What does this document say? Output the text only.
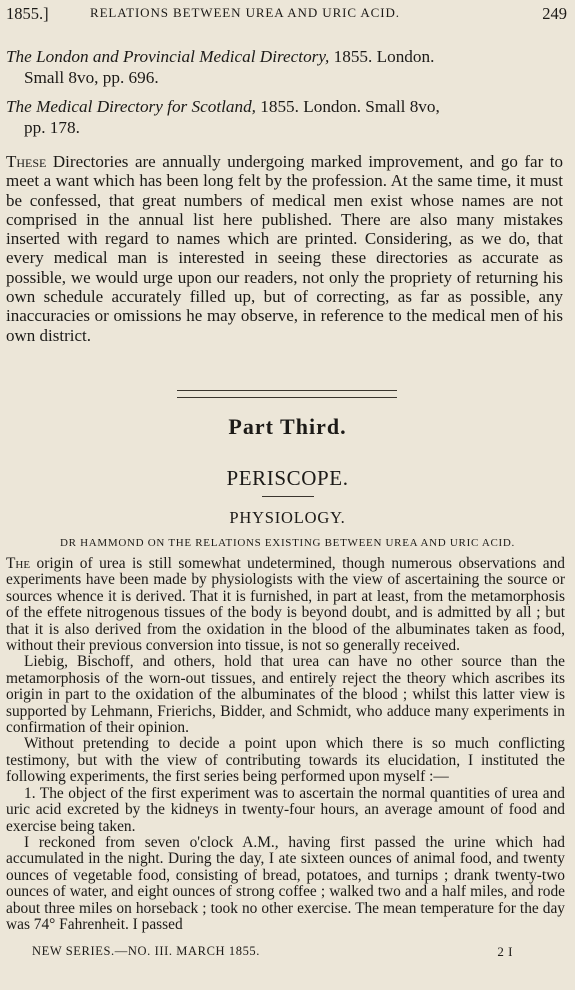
1855.]	RELATIONS BETWEEN UREA AND URIC ACID.	249
The London and Provincial Medical Directory, 1855. London.
Small 8vo, pp. 696.
The Medical Directory for Scotland, 1855. London. Small 8vo,
pp. 178.

These Directories are annually undergoing marked improvement, and go far to meet a want which has been long felt by the profession. At the same time, it must be confessed, that great numbers of medical men exist whose names are not comprised in the annual list here published. There are also many mistakes inserted with regard to names which are printed. Considering, as we do, that every medical man is interested in seeing these directories as accurate as possible, we would urge upon our readers, not only the propriety of returning his own schedule accurately filled up, but of correcting, as far as possible, any inaccuracies or omissions he may observe, in reference to the medical men of his own district.

Part Third.
PERISCOPE.
PHYSIOLOGY.
DR HAMMOND ON THE RELATIONS EXISTING BETWEEN UREA AND URIC ACID.

The origin of urea is still somewhat undetermined, though numerous observations and experiments have been made by physiologists with the view of ascertaining the source or sources whence it is derived. That it is furnished, in part at least, from the metamorphosis of the effete nitrogenous tissues of the body is beyond doubt, and is admitted by all ; but that it is also derived from the oxidation in the blood of the albuminates taken as food, without their previous conversion into tissue, is not so generally received.

Liebig, Bischoff, and others, hold that urea can have no other source than the metamorphosis of the worn-out tissues, and entirely reject the theory which ascribes its origin in part to the oxidation of the albuminates of the blood ; whilst this latter view is supported by Lehmann, Frierichs, Bidder, and Schmidt, who adduce many experiments in confirmation of their opinion.

Without pretending to decide a point upon which there is so much conflicting testimony, but with the view of contributing towards its elucidation, I instituted the following experiments, the first series being performed upon myself :—

1. The object of the first experiment was to ascertain the normal quantities of urea and uric acid excreted by the kidneys in twenty-four hours, an average amount of food and exercise being taken.

I reckoned from seven o'clock A.M., having first passed the urine which had accumulated in the night. During the day, I ate sixteen ounces of animal food, and twenty ounces of vegetable food, consisting of bread, potatoes, and turnips ; drank twenty-two ounces of water, and eight ounces of strong coffee ; walked two and a half miles, and rode about three miles on horseback ; took no other exercise. The mean temperature for the day was 74° Fahrenheit. I passed

NEW SERIES.—NO. III. MARCH 1855.	2 I
